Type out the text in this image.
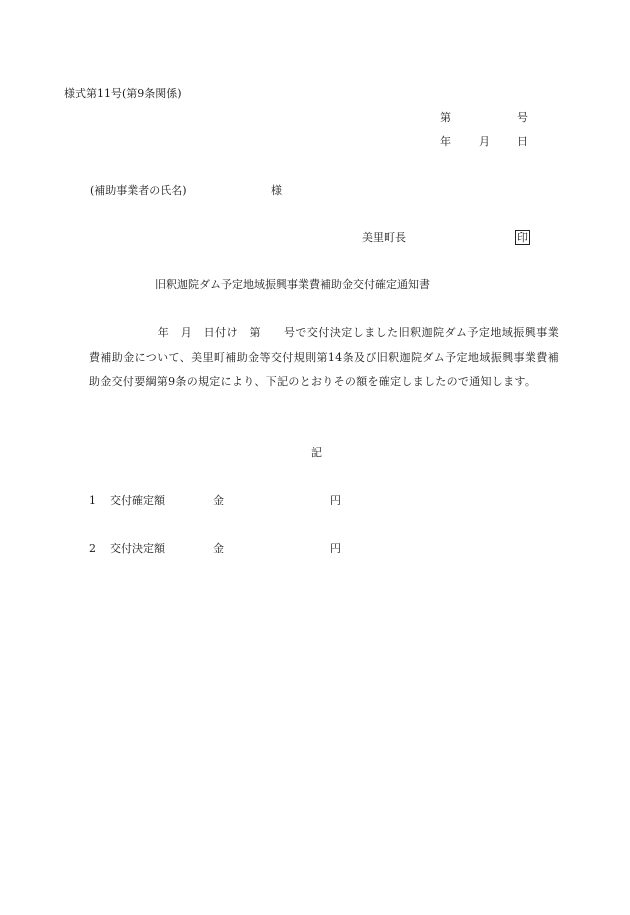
様式第11号(第9条関係)
第	号
年	月 日
(補助事業者の氏名)	様
美里町長	印
旧釈迦院ダム予定地域振興事業費補助金交付確定通知書
　　　　　　年　月　日付け　第　　号で交付決定しました旧釈迦院ダム予定地域振興事業費補助金について、美里町補助金等交付規則第14条及び旧釈迦院ダム予定地域振興事業費補助金交付要綱第9条の規定により、下記のとおりその額を確定しましたので通知します。
記
1 交付確定額	金	円
2 交付決定額	金	円
